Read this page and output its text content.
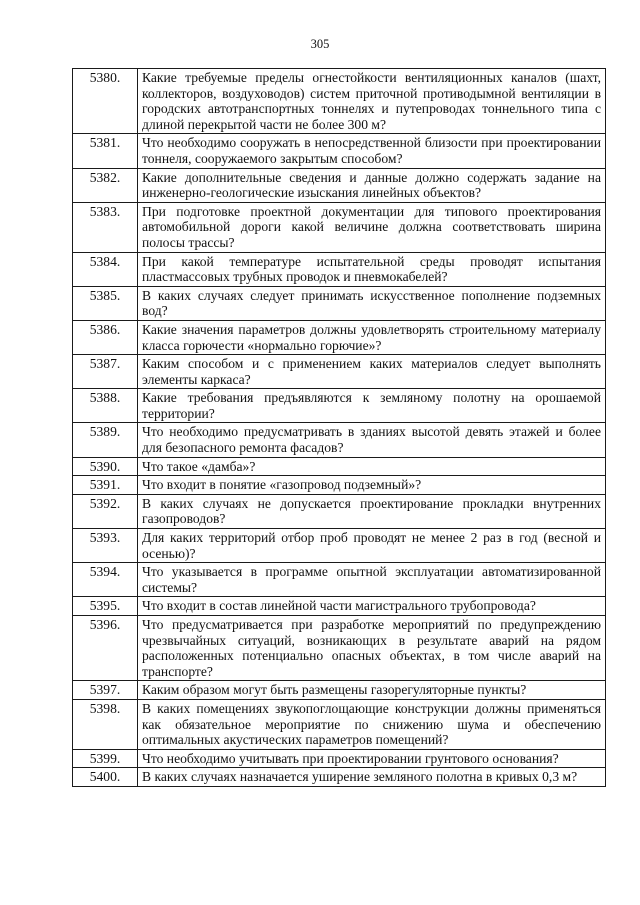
305
5380.	Какие требуемые пределы огнестойкости вентиляционных каналов (шахт, коллекторов, воздуховодов) систем приточной противодымной вентиляции в городских автотранспортных тоннелях и путепроводах тоннельного типа с длиной перекрытой части не более 300 м?
5381.	Что необходимо сооружать в непосредственной близости при проектировании тоннеля, сооружаемого закрытым способом?
5382.	Какие дополнительные сведения и данные должно содержать задание на инженерно-геологические изыскания линейных объектов?
5383.	При подготовке проектной документации для типового проектирования автомобильной дороги какой величине должна соответствовать ширина полосы трассы?
5384.	При какой температуре испытательной среды проводят испытания пластмассовых трубных проводок и пневмокабелей?
5385.	В каких случаях следует принимать искусственное пополнение подземных вод?
5386.	Какие значения параметров должны удовлетворять строительному материалу класса горючести «нормально горючие»?
5387.	Каким способом и с применением каких материалов следует выполнять элементы каркаса?
5388.	Какие требования предъявляются к земляному полотну на орошаемой территории?
5389.	Что необходимо предусматривать в зданиях высотой девять этажей и более для безопасного ремонта фасадов?
5390.	Что такое «дамба»?
5391.	Что входит в понятие «газопровод подземный»?
5392.	В каких случаях не допускается проектирование прокладки внутренних газопроводов?
5393.	Для каких территорий отбор проб проводят не менее 2 раз в год (весной и осенью)?
5394.	Что указывается в программе опытной эксплуатации автоматизированной системы?
5395.	Что входит в состав линейной части магистрального трубопровода?
5396.	Что предусматривается при разработке мероприятий по предупреждению чрезвычайных ситуаций, возникающих в результате аварий на рядом расположенных потенциально опасных объектах, в том числе аварий на транспорте?
5397.	Каким образом могут быть размещены газорегуляторные пункты?
5398.	В каких помещениях звукопоглощающие конструкции должны применяться как обязательное мероприятие по снижению шума и обеспечению оптимальных акустических параметров помещений?
5399.	Что необходимо учитывать при проектировании грунтового основания?
5400.	В каких случаях назначается уширение земляного полотна в кривых 0,3 м?
